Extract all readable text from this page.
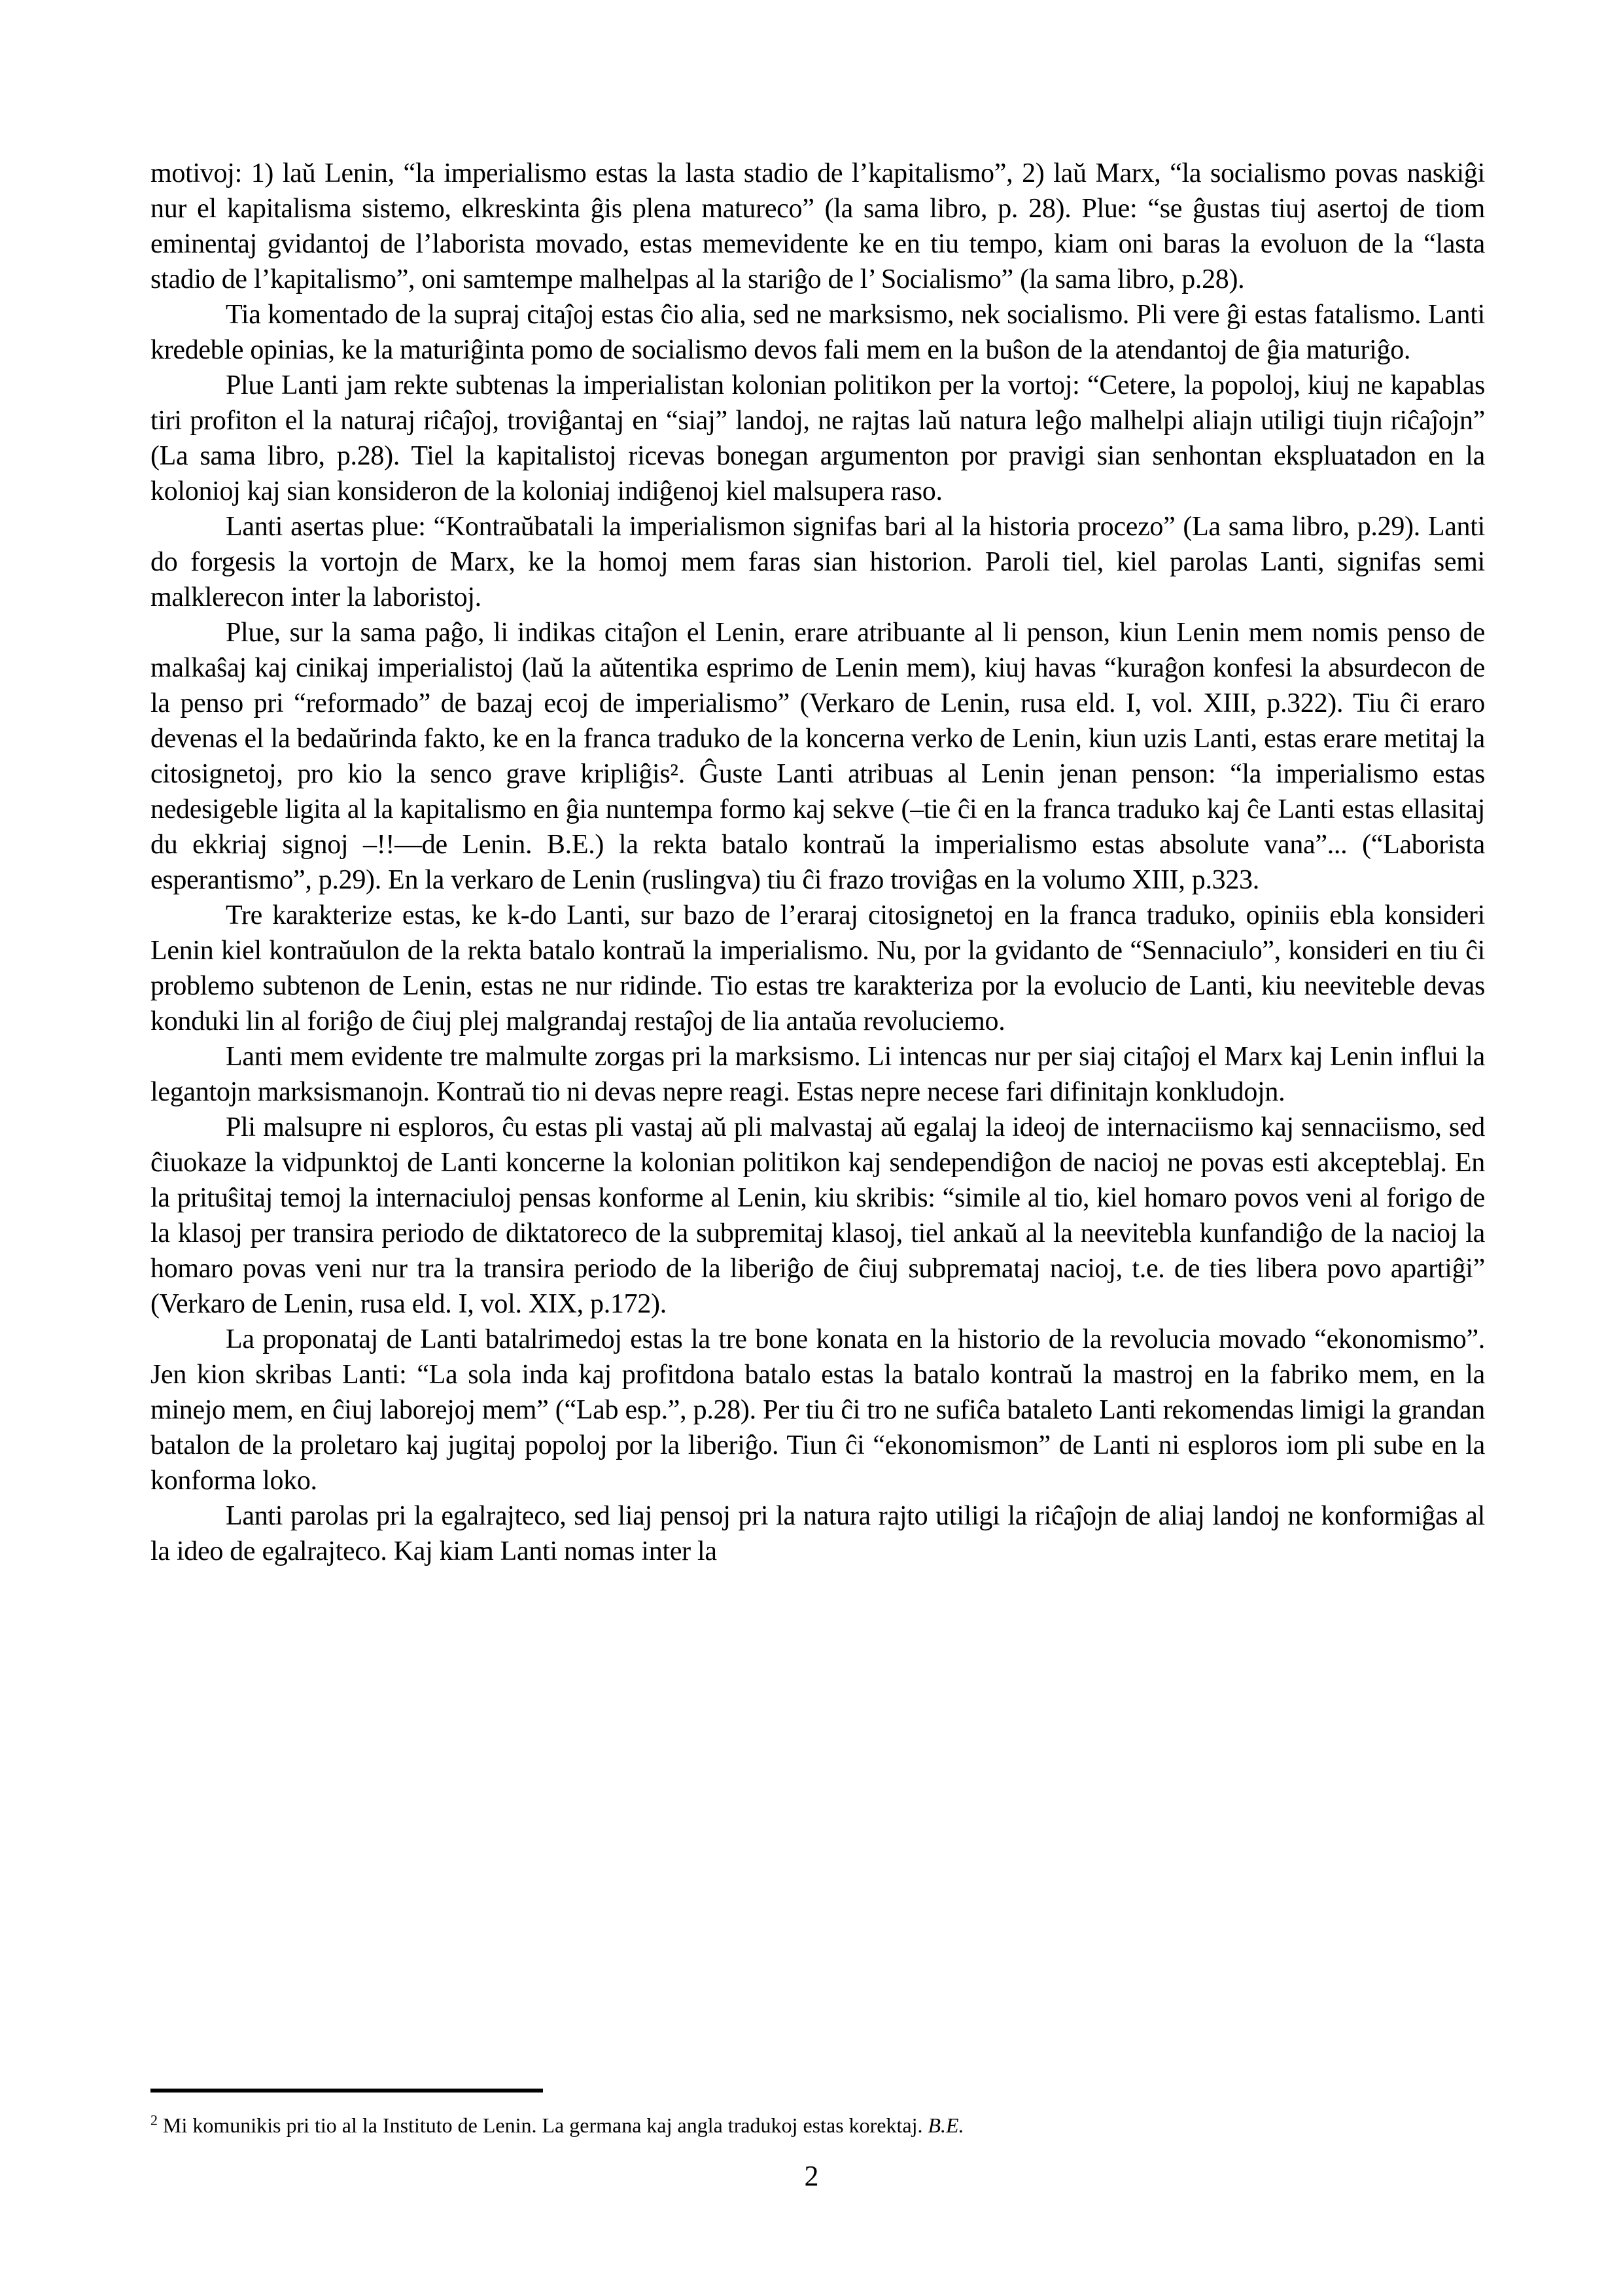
motivoj: 1) laŭ Lenin, “la imperialismo estas la lasta stadio de l’kapitalismo”, 2) laŭ Marx, “la socialismo povas naskiĝi nur el kapitalisma sistemo, elkreskinta ĝis plena matureco” (la sama libro, p. 28). Plue: “se ĝustas tiuj asertoj de tiom eminentaj gvidantoj de l’laborista movado, estas memevidente ke en tiu tempo, kiam oni baras la evoluon de la “lasta stadio de l’kapitalismo”, oni samtempe malhelpas al la stariĝo de l’ Socialismo” (la sama libro, p.28).

Tia komentado de la supraj citaĵoj estas ĉio alia, sed ne marksismo, nek socialismo. Pli vere ĝi estas fatalismo. Lanti kredeble opinias, ke la maturiĝinta pomo de socialismo devos fali mem en la buŝon de la atendantoj de ĝia maturiĝo.

Plue Lanti jam rekte subtenas la imperialistan kolonian politikon per la vortoj: “Cetere, la popoloj, kiuj ne kapablas tiri profiton el la naturaj riĉaĵoj, troviĝantaj en “siaj” landoj, ne rajtas laŭ natura leĝo malhelpi aliajn utiligi tiujn riĉaĵojn” (La sama libro, p.28). Tiel la kapitalistoj ricevas bonegan argumenton por pravigi sian senhontan ekspluatadon en la kolonioj kaj sian konsideron de la koloniaj indiĝenoj kiel malsupera raso.

Lanti asertas plue: “Kontraŭbatali la imperialismon signifas bari al la historia procezo” (La sama libro, p.29). Lanti do forgesis la vortojn de Marx, ke la homoj mem faras sian historion. Paroli tiel, kiel parolas Lanti, signifas semi malklerecon inter la laboristoj.

Plue, sur la sama paĝo, li indikas citaĵon el Lenin, erare atribuante al li penson, kiun Lenin mem nomis penso de malkaŝaj kaj cinikaj imperialistoj (laŭ la aŭtentika esprimo de Lenin mem), kiuj havas “kuraĝon konfesi la absurdecon de la penso pri “reformado” de bazaj ecoj de imperialismo” (Verkaro de Lenin, rusa eld. I, vol. XIII, p.322). Tiu ĉi eraro devenas el la bedaŭrinda fakto, ke en la franca traduko de la koncerna verko de Lenin, kiun uzis Lanti, estas erare metitaj la citosignetoj, pro kio la senco grave kripliĝis². Ĝuste Lanti atribuas al Lenin jenan penson: “la imperialismo estas nedesigeble ligita al la kapitalismo en ĝia nuntempa formo kaj sekve (–tie ĉi en la franca traduko kaj ĉe Lanti estas ellasitaj du ekkriaj signoj –!!—de Lenin. B.E.) la rekta batalo kontraŭ la imperialismo estas absolute vana”... (“Laborista esperantismo”, p.29). En la verkaro de Lenin (ruslingva) tiu ĉi frazo troviĝas en la volumo XIII, p.323.

Tre karakterize estas, ke k-do Lanti, sur bazo de l’eraraj citosignetoj en la franca traduko, opiniis ebla konsideri Lenin kiel kontraŭulon de la rekta batalo kontraŭ la imperialismo. Nu, por la gvidanto de “Sennaciulo”, konsideri en tiu ĉi problemo subtenon de Lenin, estas ne nur ridinde. Tio estas tre karakteriza por la evolucio de Lanti, kiu neeviteble devas konduki lin al foriĝo de ĉiuj plej malgrandaj restaĵoj de lia antaŭa revoluciemo.

Lanti mem evidente tre malmulte zorgas pri la marksismo. Li intencas nur per siaj citaĵoj el Marx kaj Lenin influi la legantojn marksismanojn. Kontraŭ tio ni devas nepre reagi. Estas nepre necese fari difinitajn konkludojn.

Pli malsupre ni esploros, ĉu estas pli vastaj aŭ pli malvastaj aŭ egalaj la ideoj de internaciismo kaj sennaciismo, sed ĉiuokaze la vidpunktoj de Lanti koncerne la kolonian politikon kaj sendependiĝon de nacioj ne povas esti akcepteblaj. En la prituŝitaj temoj la internaciuloj pensas konforme al Lenin, kiu skribis: “simile al tio, kiel homaro povos veni al forigo de la klasoj per transira periodo de diktatoreco de la subpremitaj klasoj, tiel ankaŭ al la neevitebla kunfandiĝo de la nacioj la homaro povas veni nur tra la transira periodo de la liberiĝo de ĉiuj subpremataj nacioj, t.e. de ties libera povo apartiĝi” (Verkaro de Lenin, rusa eld. I, vol. XIX, p.172).

La proponataj de Lanti batalrimedoj estas la tre bone konata en la historio de la revolucia movado “ekonomismo”. Jen kion skribas Lanti: “La sola inda kaj profitdona batalo estas la batalo kontraŭ la mastroj en la fabriko mem, en la minejo mem, en ĉiuj laborejoj mem” (“Lab esp.”, p.28). Per tiu ĉi tro ne sufiĉa bataleto Lanti rekomendas limigi la grandan batalon de la proletaro kaj jugitaj popoloj por la liberiĝo. Tiun ĉi “ekonomismon” de Lanti ni esploros iom pli sube en la konforma loko.

Lanti parolas pri la egalrajteco, sed liaj pensoj pri la natura rajto utiligi la riĉaĵojn de aliaj landoj ne konformiĝas al la ideo de egalrajteco. Kaj kiam Lanti nomas inter la

$^2$ Mi komunikis pri tio al la Instituto de Lenin. La germana kaj angla tradukoj estas korektaj. B.E.
2
